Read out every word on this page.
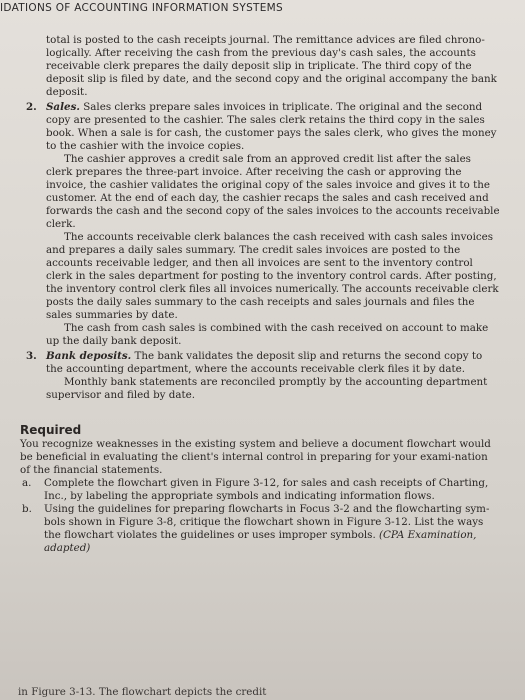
IDATIONS OF ACCOUNTING INFORMATION SYSTEMS

total is posted to the cash receipts journal. The remittance advices are filed chrono-logically. After receiving the cash from the previous day's cash sales, the accounts receivable clerk prepares the daily deposit slip in triplicate. The third copy of the deposit slip is filed by date, and the second copy and the original accompany the bank deposit.

2. Sales. Sales clerks prepare sales invoices in triplicate. The original and the second copy are presented to the cashier. The sales clerk retains the third copy in the sales book. When a sale is for cash, the customer pays the sales clerk, who gives the money to the cashier with the invoice copies.

The cashier approves a credit sale from an approved credit list after the sales clerk prepares the three-part invoice. After receiving the cash or approving the invoice, the cashier validates the original copy of the sales invoice and gives it to the customer. At the end of each day, the cashier recaps the sales and cash received and forwards the cash and the second copy of the sales invoices to the accounts receivable clerk.

The accounts receivable clerk balances the cash received with cash sales invoices and prepares a daily sales summary. The credit sales invoices are posted to the accounts receivable ledger, and then all invoices are sent to the inventory control clerk in the sales department for posting to the inventory control cards. After posting, the inventory control clerk files all invoices numerically. The accounts receivable clerk posts the daily sales summary to the cash receipts and sales journals and files the sales summaries by date.

The cash from cash sales is combined with the cash received on account to make up the daily bank deposit.

3. Bank deposits. The bank validates the deposit slip and returns the second copy to the accounting department, where the accounts receivable clerk files it by date.

Monthly bank statements are reconciled promptly by the accounting department supervisor and filed by date.

Required

You recognize weaknesses in the existing system and believe a document flowchart would be beneficial in evaluating the client's internal control in preparing for your exami-nation of the financial statements.

a. Complete the flowchart given in Figure 3-12, for sales and cash receipts of Charting, Inc., by labeling the appropriate symbols and indicating information flows.

b. Using the guidelines for preparing flowcharts in Focus 3-2 and the flowcharting sym-bols shown in Figure 3-8, critique the flowchart shown in Figure 3-12. List the ways the flowchart violates the guidelines or uses improper symbols. (CPA Examination, adapted)

in Figure 3-13. The flowchart depicts the credit
